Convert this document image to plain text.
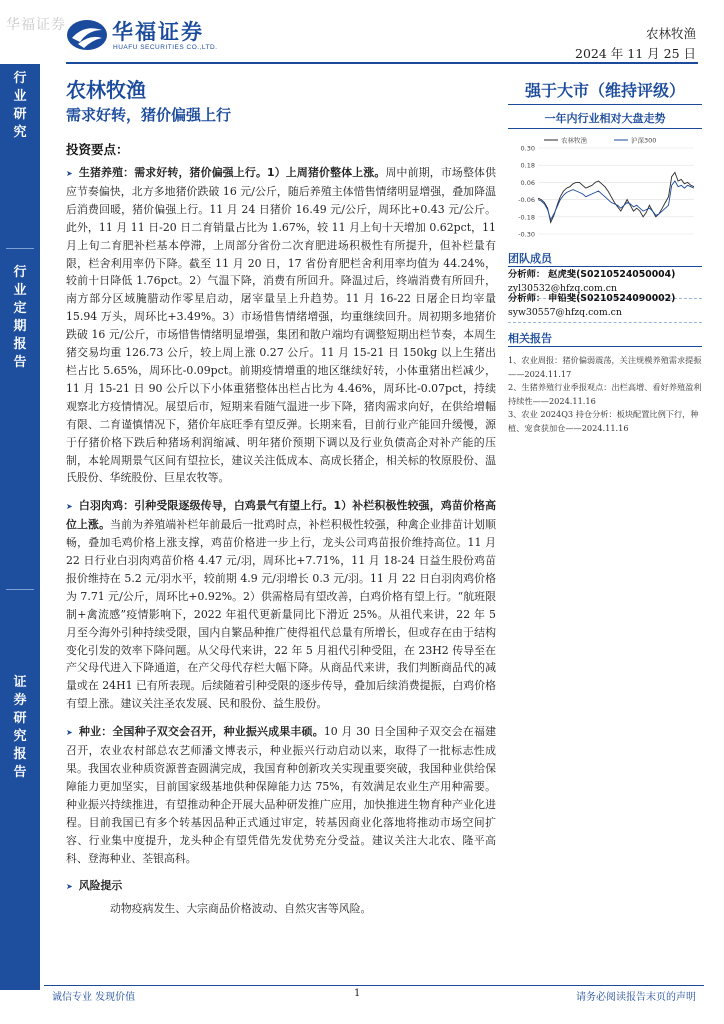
华福证券 华福证券
HUAFU SECURITIES CO.,LTD.
农林牧渔
2024 年 11 月 25 日
行业研究
行业定期报告
证券研究报告
农林牧渔
需求好转，猪价偏强上行
投资要点：

➤ 生猪养殖：需求好转，猪价偏强上行。1）上周猪价整体上涨。周中前期，市场整体供应节奏偏快，北方多地猪价跌破 16 元/公斤，随后养殖主体惜售情绪明显增强，叠加降温后消费回暖，猪价偏强上行。11 月 24 日猪价 16.49 元/公斤，周环比+0.43 元/公斤。此外，11 月 11 日-20 日二育销量占比为 1.67%，较 11 月上旬十天增加 0.62pct，11 月上旬二育肥补栏基本停滞，上周部分省份二次育肥进场积极性有所提升，但补栏量有限，栏舍利用率仍下降。截至 11 月 20 日，17 省份育肥栏舍利用率均值为 44.24%，较前十日降低 1.76pct。2）气温下降，消费有所回升。降温过后，终端消费有所回升，南方部分区域腌腊动作零星启动，屠宰量呈上升趋势。11 月 16-22 日屠企日均宰量 15.94 万头，周环比+3.49%。3）市场惜售情绪增强，均重继续回升。周初期多地猪价跌破 16 元/公斤，市场惜售情绪明显增强，集团和散户端均有调整短期出栏节奏，本周生猪交易均重 126.73 公斤，较上周上涨 0.27 公斤。11 月 15-21 日 150kg 以上生猪出栏占比 5.65%，周环比-0.09pct。前期疫情增重的地区继续好转，小体重猪出栏减少，11 月 15-21 日 90 公斤以下小体重猪整体出栏占比为 4.46%，周环比-0.07pct，持续观察北方疫情情况。展望后市，短期来看随气温进一步下降，猪肉需求向好，在供给增幅有限、二育谨慎情况下，猪价年底旺季有望反弹。长期来看，目前行业产能回升缓慢，源于仔猪价格下跌后种猪场利润缩减、明年猪价预期下调以及行业负债高企对补产能的压制，本轮周期景气区间有望拉长，建议关注低成本、高成长猪企，相关标的牧原股份、温氏股份、华统股份、巨星农牧等。

➤ 白羽肉鸡：引种受限逐级传导，白鸡景气有望上行。1）补栏积极性较强，鸡苗价格高位上涨。当前为养殖端补栏年前最后一批鸡时点，补栏积极性较强，种禽企业排苗计划顺畅，叠加毛鸡价格上涨支撑，鸡苗价格进一步上行，龙头公司鸡苗报价维持高位。11 月 22 日行业白羽肉鸡苗价格 4.47 元/羽，周环比+7.71%，11 月 18-24 日益生股份鸡苗报价维持在 5.2 元/羽水平，较前期 4.9 元/羽增长 0.3 元/羽。11 月 22 日白羽肉鸡价格为 7.71 元/公斤，周环比+0.92%。2）供需格局有望改善，白鸡价格有望上行。“航班限制+禽流感”疫情影响下，2022 年祖代更新量同比下滑近 25%。从祖代来讲，22 年 5 月至今海外引种持续受限，国内自繁品种推广使得祖代总量有所增长，但或存在由于结构变化引发的效率下降问题。从父母代来讲，22 年 5 月祖代引种受阻，在 23H2 传导至在产父母代进入下降通道，在产父母代存栏大幅下降。从商品代来讲，我们判断商品代的减量或在 24H1 已有所表现。后续随着引种受限的逐步传导，叠加后续消费提振，白鸡价格有望上涨。建议关注圣农发展、民和股份、益生股份。

➤ 种业：全国种子双交会召开，种业振兴成果丰硕。10 月 30 日全国种子双交会在福建召开，农业农村部总农艺师潘文博表示，种业振兴行动启动以来，取得了一批标志性成果。我国农业种质资源普查圆满完成，我国育种创新攻关实现重要突破，我国种业供给保障能力更加坚实，目前国家级基地供种保障能力达 75%，有效满足农业生产用种需要。种业振兴持续推进，有望推动种企开展大品种研发推广应用，加快推进生物育种产业化进程。目前我国已有多个转基因品种正式通过审定，转基因商业化落地将推动市场空间扩容、行业集中度提升，龙头种企有望凭借先发优势充分受益。建议关注大北农、隆平高科、登海种业、荃银高科。

➤ 风险提示

动物疫病发生、大宗商品价格波动、自然灾害等风险。

强于大市（维持评级）
一年内行业相对大盘走势
0.30
0.18
0.06
-0.06
-0.18
-0.30
农林牧渔	沪深300
团队成员
分析师： 赵虎斐(S0210524050004)
zyl30532@hfzq.com.cn
分析师： 申铅斐(S0210524090002)
syw30557@hfzq.com.cn
相关报告
1、农业周报：猪价偏弱震荡，关注规模养殖需求提振——2024.11.17
2、生猪养殖行业季报观点：出栏高增、看好养殖盈利持续性——2024.11.16
3、农业 2024Q3 持仓分析：板块配置比例下行，种植、宠食获加仓——2024.11.16
诚信专业 发现价值	1	请务必阅读报告末页的声明
